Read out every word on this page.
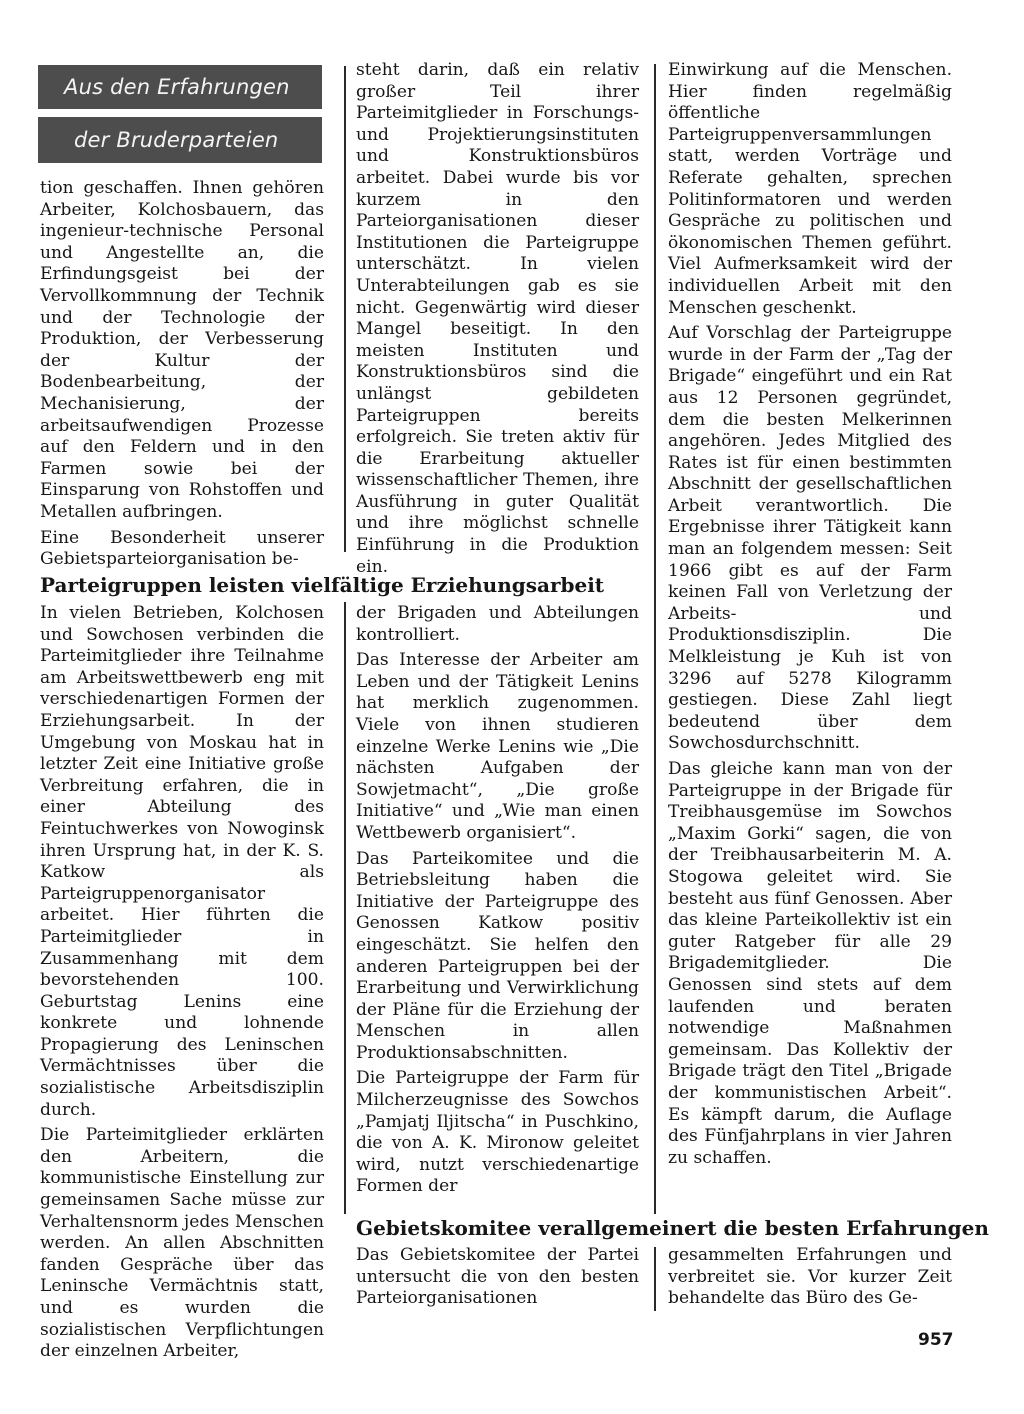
Aus den Erfahrungen
der Bruderparteien

tion geschaffen. Ihnen gehören Arbeiter, Kolchosbauern, das ingenieur-technische Personal und Angestellte an, die Erfindungsgeist bei der Vervollkommnung der Technik und der Technologie der Produktion, der Verbesserung der Kultur der Bodenbearbeitung, der Mechanisierung, der arbeitsaufwendigen Prozesse auf den Feldern und in den Farmen sowie bei der Einsparung von Rohstoffen und Metallen aufbringen.

Eine Besonderheit unserer Gebietsparteiorganisation be-

steht darin, daß ein relativ großer Teil ihrer Parteimitglieder in Forschungs- und Projektierungsinstituten und Konstruktionsbüros arbeitet. Dabei wurde bis vor kurzem in den Parteiorganisationen dieser Institutionen die Parteigruppe unterschätzt. In vielen Unterabteilungen gab es sie nicht. Gegenwärtig wird dieser Mangel beseitigt. In den meisten Instituten und Konstruktionsbüros sind die unlängst gebildeten Parteigruppen bereits erfolgreich. Sie treten aktiv für die Erarbeitung aktueller wissenschaftlicher Themen, ihre Ausführung in guter Qualität und ihre möglichst schnelle Einführung in die Produktion ein.

Parteigruppen leisten vielfältige Erziehungsarbeit

In vielen Betrieben, Kolchosen und Sowchosen verbinden die Parteimitglieder ihre Teilnahme am Arbeitswettbewerb eng mit verschiedenartigen Formen der Erziehungsarbeit. In der Umgebung von Moskau hat in letzter Zeit eine Initiative große Verbreitung erfahren, die in einer Abteilung des Feintuchwerkes von Nowoginsk ihren Ursprung hat, in der K. S. Katkow als Parteigruppenorganisator arbeitet. Hier führten die Parteimitglieder in Zusammenhang mit dem bevorstehenden 100. Geburtstag Lenins eine konkrete und lohnende Propagierung des Leninschen Vermächtnisses über die sozialistische Arbeitsdisziplin durch.

Die Parteimitglieder erklärten den Arbeitern, die kommunistische Einstellung zur gemeinsamen Sache müsse zur Verhaltensnorm jedes Menschen werden. An allen Abschnitten fanden Gespräche über das Leninsche Vermächtnis statt, und es wurden die sozialistischen Verpflichtungen der einzelnen Arbeiter,

der Brigaden und Abteilungen kontrolliert.

Das Interesse der Arbeiter am Leben und der Tätigkeit Lenins hat merklich zugenommen. Viele von ihnen studieren einzelne Werke Lenins wie „Die nächsten Aufgaben der Sowjetmacht“, „Die große Initiative“ und „Wie man einen Wettbewerb organisiert“.

Das Parteikomitee und die Betriebsleitung haben die Initiative der Parteigruppe des Genossen Katkow positiv eingeschätzt. Sie helfen den anderen Parteigruppen bei der Erarbeitung und Verwirklichung der Pläne für die Erziehung der Menschen in allen Produktionsabschnitten.

Die Parteigruppe der Farm für Milcherzeugnisse des Sowchos „Pamjatj Iljitscha“ in Puschkino, die von A. K. Mironow geleitet wird, nutzt verschiedenartige Formen der

Einwirkung auf die Menschen. Hier finden regelmäßig öffentliche Parteigruppenversammlungen statt, werden Vorträge und Referate gehalten, sprechen Politinformatoren und werden Gespräche zu politischen und ökonomischen Themen geführt. Viel Aufmerksamkeit wird der individuellen Arbeit mit den Menschen geschenkt.

Auf Vorschlag der Parteigruppe wurde in der Farm der „Tag der Brigade“ eingeführt und ein Rat aus 12 Personen gegründet, dem die besten Melkerinnen angehören. Jedes Mitglied des Rates ist für einen bestimmten Abschnitt der gesellschaftlichen Arbeit verantwortlich. Die Ergebnisse ihrer Tätigkeit kann man an folgendem messen: Seit 1966 gibt es auf der Farm keinen Fall von Verletzung der Arbeits- und Produktionsdisziplin. Die Melkleistung je Kuh ist von 3296 auf 5278 Kilogramm gestiegen. Diese Zahl liegt bedeutend über dem Sowchosdurchschnitt.

Das gleiche kann man von der Parteigruppe in der Brigade für Treibhausgemüse im Sowchos „Maxim Gorki“ sagen, die von der Treibhausarbeiterin M. A. Stogowa geleitet wird. Sie besteht aus fünf Genossen. Aber das kleine Parteikollektiv ist ein guter Ratgeber für alle 29 Brigademitglieder. Die Genossen sind stets auf dem laufenden und beraten notwendige Maßnahmen gemeinsam. Das Kollektiv der Brigade trägt den Titel „Brigade der kommunistischen Arbeit“. Es kämpft darum, die Auflage des Fünfjahrplans in vier Jahren zu schaffen.

Gebietskomitee verallgemeinert die besten Erfahrungen

Das Gebietskomitee der Partei untersucht die von den besten Parteiorganisationen

gesammelten Erfahrungen und verbreitet sie. Vor kurzer Zeit behandelte das Büro des Ge-

957
